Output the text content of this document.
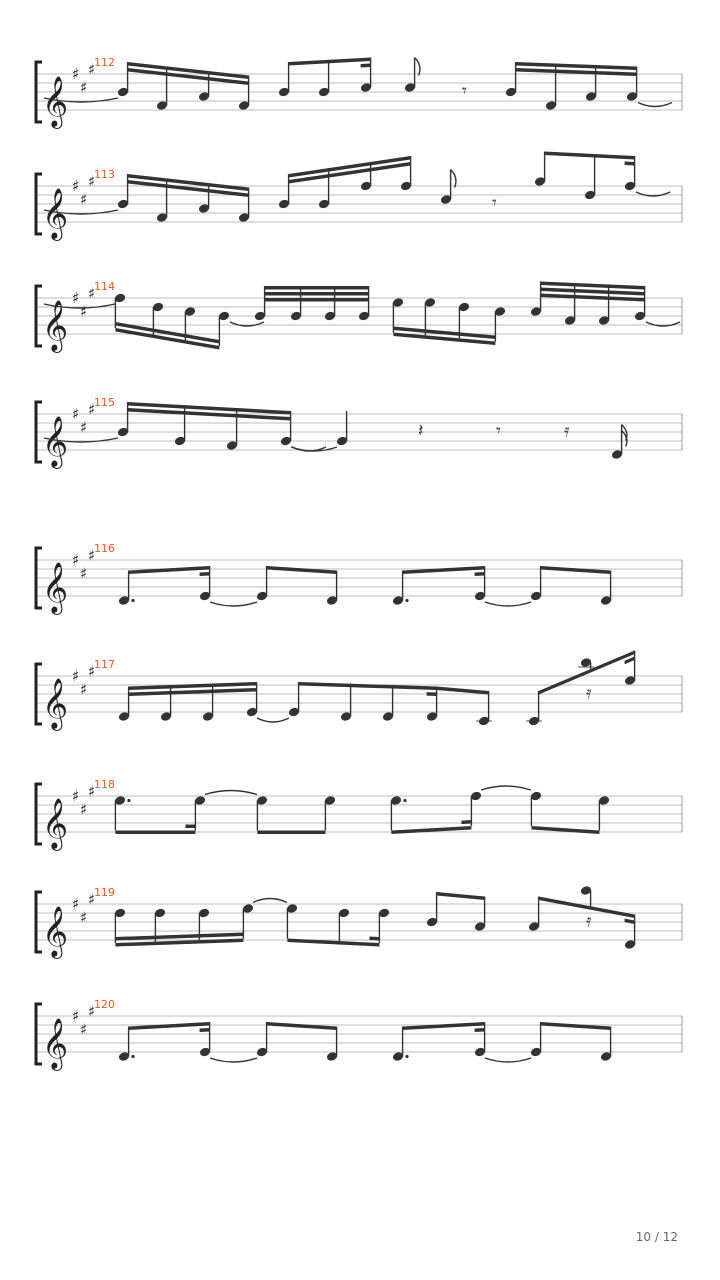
𝄞
♯
♯
♯
112
𝄾
𝄞
♯
♯
♯
113
𝄾
𝄞
♯
♯
♯
114
𝄞
♯
♯
♯
115
𝄽	𝄾	𝄿
𝄞
♯
♯
♯
116
𝄞
♯
♯
♯
117
𝄿
𝄞
♯
♯
♯
118
𝄞
♯
♯
♯
119
𝄿
𝄞
♯
♯
♯
120
10 / 12
